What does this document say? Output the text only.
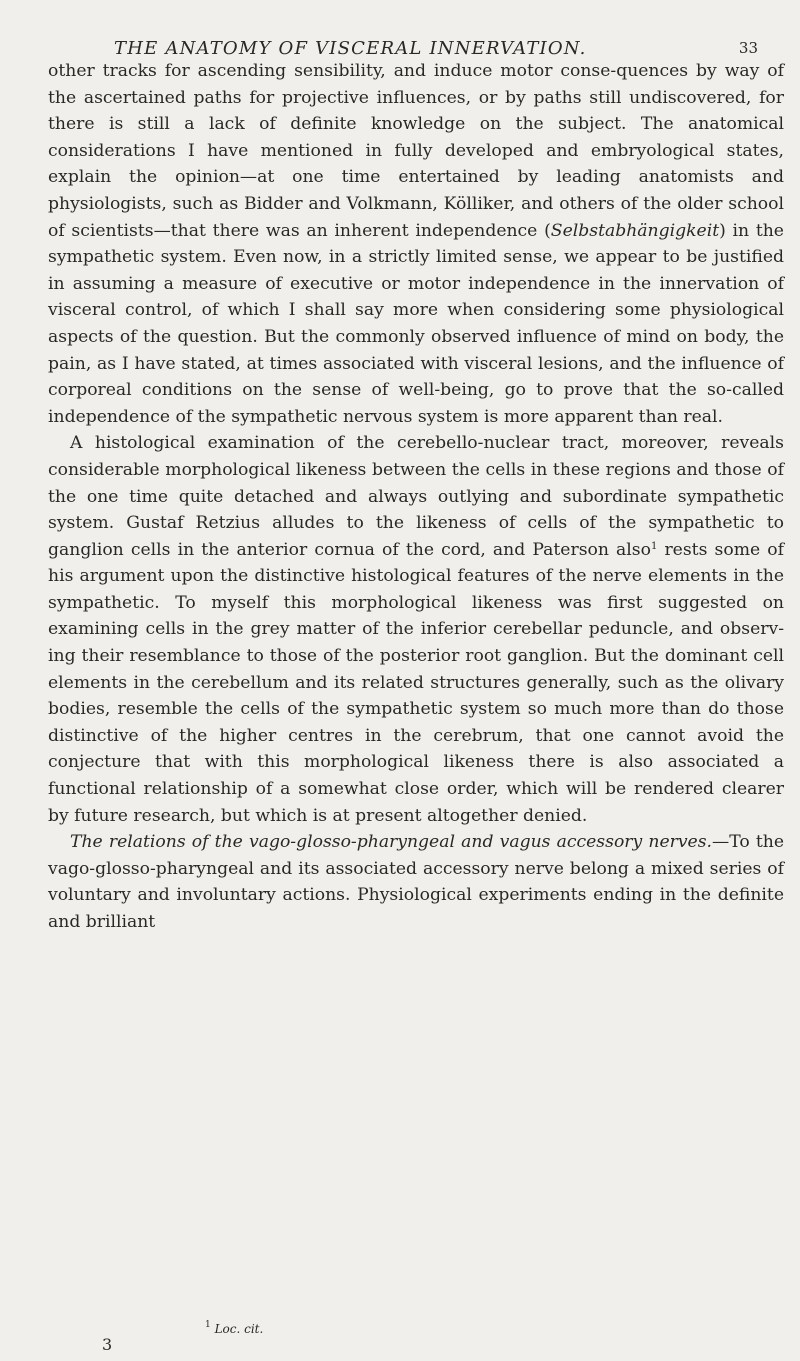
THE ANATOMY OF VISCERAL INNERVATION.	33

other tracks for ascending sensibility, and induce motor conse-quences by way of the ascertained paths for projective influences, or by paths still undiscovered, for there is still a lack of definite knowledge on the subject. The anatomical considerations I have mentioned in fully developed and embryological states, explain the opinion—at one time entertained by leading anatomists and physiologists, such as Bidder and Volkmann, Kölliker, and others of the older school of scientists—that there was an inherent independence (Selbstabhängigkeit) in the sympathetic system. Even now, in a strictly limited sense, we appear to be justified in assuming a measure of executive or motor independence in the innervation of visceral control, of which I shall say more when considering some physiological aspects of the question. But the commonly observed influence of mind on body, the pain, as I have stated, at times associated with visceral lesions, and the influence of corporeal conditions on the sense of well-being, go to prove that the so-called independence of the sympathetic nervous system is more apparent than real.

A histological examination of the cerebello-nuclear tract, moreover, reveals considerable morphological likeness between the cells in these regions and those of the one time quite detached and always outlying and subordinate sympathetic system. Gustaf Retzius alludes to the likeness of cells of the sympathetic to ganglion cells in the anterior cornua of the cord, and Paterson also$^1$ rests some of his argument upon the distinctive histological features of the nerve elements in the sympathetic. To myself this morphological likeness was first suggested on examining cells in the grey matter of the inferior cerebellar peduncle, and observ-ing their resemblance to those of the posterior root ganglion. But the dominant cell elements in the cerebellum and its related structures generally, such as the olivary bodies, resemble the cells of the sympathetic system so much more than do those distinctive of the higher centres in the cerebrum, that one cannot avoid the conjecture that with this morphological likeness there is also associated a functional relationship of a somewhat close order, which will be rendered clearer by future research, but which is at present altogether denied.

The relations of the vago-glosso-pharyngeal and vagus accessory nerves.—To the vago-glosso-pharyngeal and its associated accessory nerve belong a mixed series of voluntary and involuntary actions. Physiological experiments ending in the definite and brilliant

3
$^1$ Loc. cit.
